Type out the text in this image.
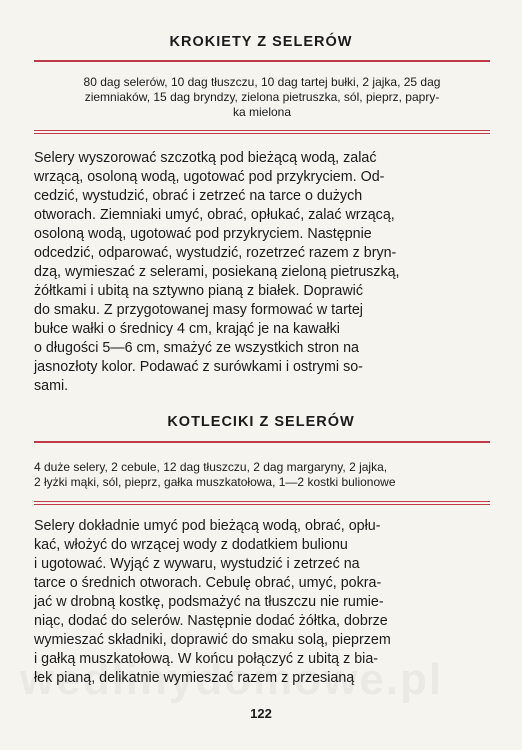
KROKIETY Z SELERÓW
80 dag selerów, 10 dag tłuszczu, 10 dag tartej bułki, 2 jajka, 25 dag
ziemniaków, 15 dag bryndzy, zielona pietruszka, sól, pieprz, papry-
ka mielona
Selery wyszorować szczotką pod bieżącą wodą, zalać
wrzącą, osoloną wodą, ugotować pod przykryciem. Od-
cedzić, wystudzić, obrać i zetrzeć na tarce o dużych
otworach. Ziemniaki umyć, obrać, opłukać, zalać wrzącą,
osoloną wodą, ugotować pod przykryciem. Następnie
odcedzić, odparować, wystudzić, rozetrzeć razem z bryn-
dzą, wymieszać z selerami, posiekaną zieloną pietruszką,
żółtkami i ubitą na sztywno pianą z białek. Doprawić
do smaku. Z przygotowanej masy formować w tartej
bułce wałki o średnicy 4 cm, krająć je na kawałki
o długości 5—6 cm, smażyć ze wszystkich stron na
jasnozłoty kolor. Podawać z surówkami i ostrymi so-
sami.
KOTLECIKI Z SELERÓW
4 duże selery, 2 cebule, 12 dag tłuszczu, 2 dag margaryny, 2 jajka,
2 łyżki mąki, sól, pieprz, gałka muszkatołowa, 1—2 kostki bulionowe
Selery dokładnie umyć pod bieżącą wodą, obrać, opłu-
kać, włożyć do wrzącej wody z dodatkiem bulionu
i ugotować. Wyjąć z wywaru, wystudzić i zetrzeć na
tarce o średnich otworach. Cebulę obrać, umyć, pokra-
jać w drobną kostkę, podsmażyć na tłuszczu nie rumie-
niąc, dodać do selerów. Następnie dodać żółtka, dobrze
wymieszać składniki, doprawić do smaku solą, pieprzem
i gałką muszkatołową. W końcu połączyć z ubitą z bia-
łek pianą, delikatnie wymieszać razem z przesianą
122
